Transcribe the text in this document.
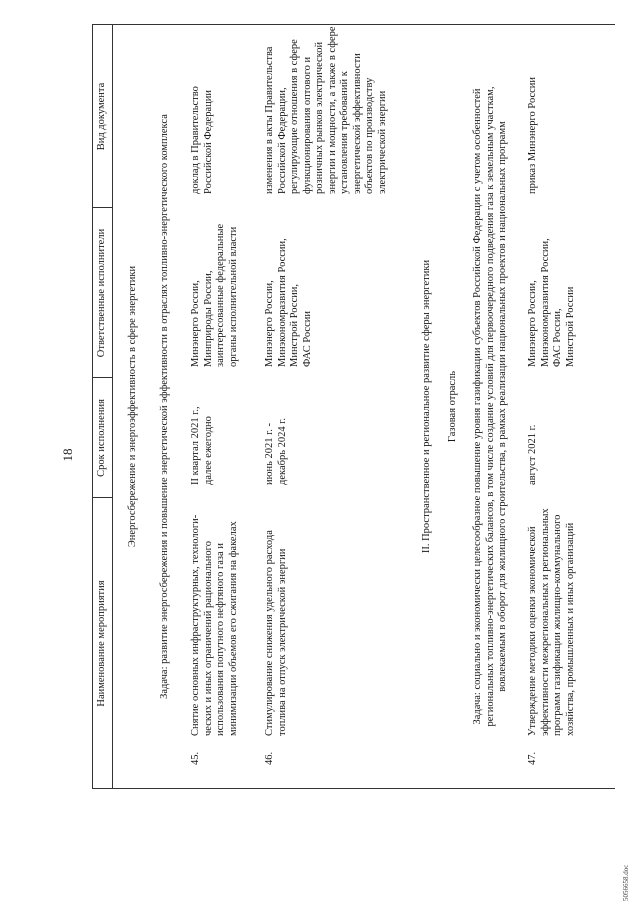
18
Наименование мероприятия
Срок исполнения
Ответственные исполнители
Вид документа
Энергосбережение и энергоэффективность в сфере энергетики Задача: развитие энергосбережения и повышение энергетической эффективности в отраслях топливно-энергетического комплекса
45.
Снятие основных инфраструктурных, технологи- ческих и иных ограничений рационального использования попутного нефтяного газа и минимизации объемов его сжигания на факелах
II квартал 2021 г., далее ежегодно
Минэнерго России, Минприроды России, заинтересованные федеральные органы исполнительной власти
доклад в Правительство Российской Федерации
46.
Стимулирование снижения удельного расхода топлива на отпуск электрической энергии
июнь 2021 г. - декабрь 2024 г.
Минэнерго России, Минэкономразвития России, Минстрой России, ФАС России
изменения в акты Правительства Российской Федерации, регулирующие отношения в сфере функционирования оптового и розничных рынков электрической энергии и мощности, а также в сфере установления требований к энергетической эффективности объектов по производству электрической энергии
II. Пространственное и региональное развитие сферы энергетики Газовая отрасль Задача: социально и экономически целесообразное повышение уровня газификации субъектов Российской Федерации с учетом особенностей региональных топливно-энергетических балансов, в том числе создание условий для первоочередного подведения газа к земельным участкам, вовлекаемым в оборот для жилищного строительства, в рамках реализации национальных проектов и национальных программ
47.
Утверждение методики оценки экономической эффективности межрегиональных и региональных программ газификации жилищно-коммунального хозяйства, промышленных и иных организаций
август 2021 г.
Минэнерго России, Минэкономразвития России, ФАС России, Минстрой России
приказ Минэнерго России
5056658.doc
